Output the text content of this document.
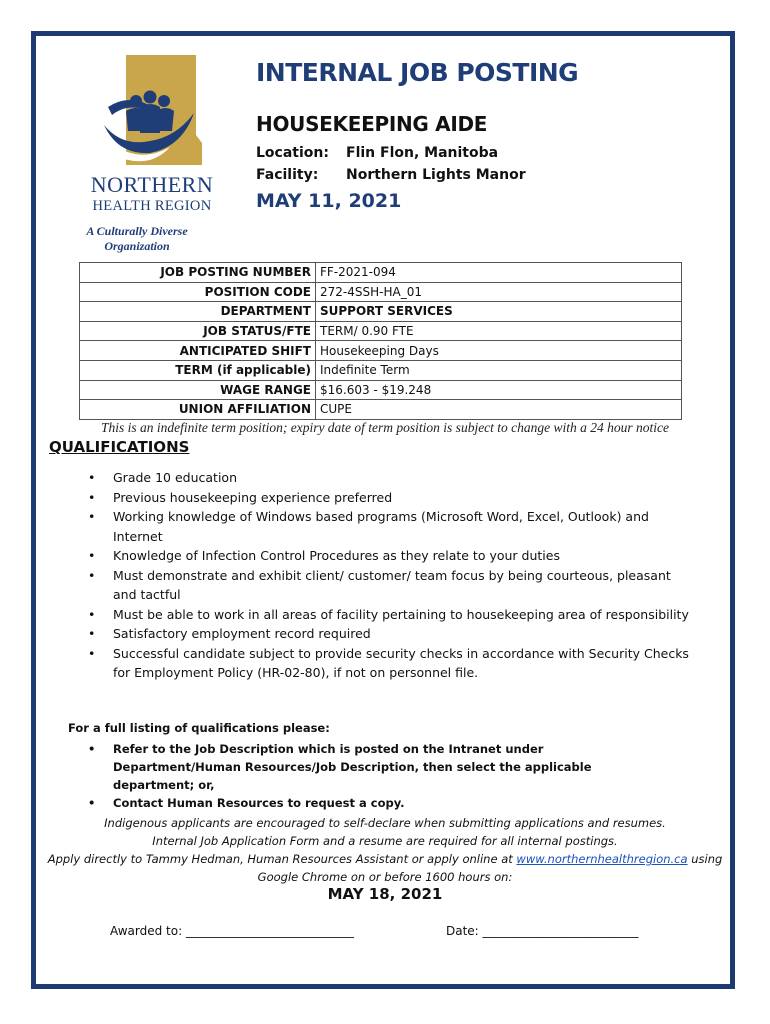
NORTHERN
HEALTH REGION
A Culturally Diverse Organization
INTERNAL JOB POSTING
HOUSEKEEPING AIDE
Location: Flin Flon, Manitoba
Facility: Northern Lights Manor
MAY 11, 2021
JOB POSTING NUMBER	FF-2021-094
POSITION CODE	272-4SSH-HA_01
DEPARTMENT	SUPPORT SERVICES
JOB STATUS/FTE	TERM/ 0.90 FTE
ANTICIPATED SHIFT	Housekeeping Days
TERM (if applicable)	Indefinite Term
WAGE RANGE	$16.603 - $19.248
UNION AFFILIATION	CUPE
This is an indefinite term position; expiry date of term position is subject to change with a 24 hour notice
QUALIFICATIONS
• Grade 10 education
• Previous housekeeping experience preferred
• Working knowledge of Windows based programs (Microsoft Word, Excel, Outlook) and Internet
• Knowledge of Infection Control Procedures as they relate to your duties
• Must demonstrate and exhibit client/ customer/ team focus by being courteous, pleasant and tactful
• Must be able to work in all areas of facility pertaining to housekeeping area of responsibility
• Satisfactory employment record required
• Successful candidate subject to provide security checks in accordance with Security Checks for Employment Policy (HR-02-80), if not on personnel file.
For a full listing of qualifications please:
• Refer to the Job Description which is posted on the Intranet under Department/Human Resources/Job Description, then select the applicable department; or,
• Contact Human Resources to request a copy.
Indigenous applicants are encouraged to self-declare when submitting applications and resumes.
Internal Job Application Form and a resume are required for all internal postings.
Apply directly to Tammy Hedman, Human Resources Assistant or apply online at www.northernhealthregion.ca using
Google Chrome on or before 1600 hours on:
MAY 18, 2021
Awarded to: ____________________________	Date: __________________________
